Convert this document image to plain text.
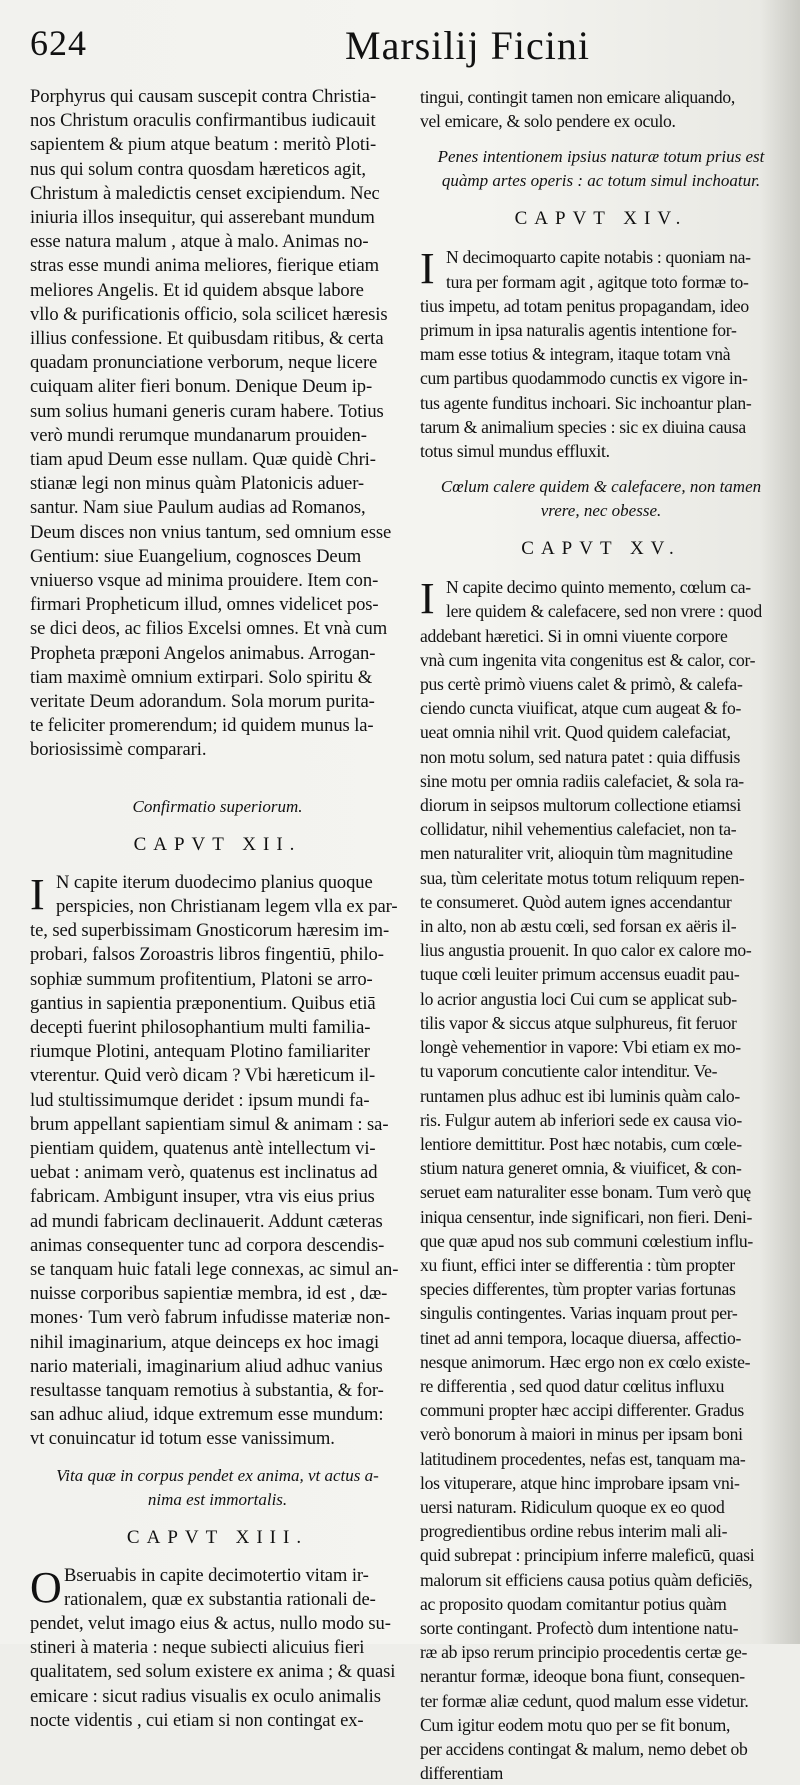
624	Marsilij Ficini

Porphyrus qui causam suscepit contra Christia-

nos Christum oraculis confirmantibus iudicauit

sapientem & pium atque beatum : meritò Ploti-

nus qui solum contra quosdam hæreticos agit,

Christum à maledictis censet excipiendum. Nec

iniuria illos insequitur, qui asserebant mundum

esse natura malum , atque à malo. Animas no-

stras esse mundi anima meliores, fierique etiam

meliores Angelis. Et id quidem absque labore

vllo & purificationis officio, sola scilicet hæresis

illius confessione. Et quibusdam ritibus, & certa

quadam pronunciatione verborum, neque licere

cuiquam aliter fieri bonum. Denique Deum ip-

sum solius humani generis curam habere. Totius

verò mundi rerumque mundanarum prouiden-

tiam apud Deum esse nullam. Quæ quidè Chri-

stianæ legi non minus quàm Platonicis aduer-

santur. Nam siue Paulum audias ad Romanos,

Deum disces non vnius tantum, sed omnium esse

Gentium: siue Euangelium, cognosces Deum

vniuerso vsque ad minima prouidere. Item con-

firmari Propheticum illud, omnes videlicet pos-

se dici deos, ac filios Excelsi omnes. Et vnà cum

Propheta præponi Angelos animabus. Arrogan-

tiam maximè omnium extirpari. Solo spiritu &

veritate Deum adorandum. Sola morum purita-

te feliciter promerendum; id quidem munus la-

boriosissimè comparari.

Confirmatio superiorum.

CAPVT XII.

I N capite iterum duodecimo planius quoque

perspicies, non Christianam legem vlla ex par-

te, sed superbissimam Gnosticorum hæresim im-

probari, falsos Zoroastris libros fingentiū, philo-

sophiæ summum profitentium, Platoni se arro-

gantius in sapientia præponentium. Quibus etiā

decepti fuerint philosophantium multi familia-

riumque Plotini, antequam Plotino familiariter

vterentur. Quid verò dicam ? Vbi hæreticum il-

lud stultissimumque deridet : ipsum mundi fa-

brum appellant sapientiam simul & animam : sa-

pientiam quidem, quatenus antè intellectum vi-

uebat : animam verò, quatenus est inclinatus ad

fabricam. Ambigunt insuper, vtra vis eius prius

ad mundi fabricam declinauerit. Addunt cæteras

animas consequenter tunc ad corpora descendis-

se tanquam huic fatali lege connexas, ac simul an-

nuisse corporibus sapientiæ membra, id est , dæ-

mones· Tum verò fabrum infudisse materiæ non-

nihil imaginarium, atque deinceps ex hoc imagi

nario materiali, imaginarium aliud adhuc vanius

resultasse tanquam remotius à substantia, & for-

san adhuc aliud, idque extremum esse mundum:

vt conuincatur id totum esse vanissimum.

Vita quæ in corpus pendet ex anima, vt actus a-

nima est immortalis.

CAPVT XIII.

O Bseruabis in capite decimotertio vitam ir-

rationalem, quæ ex substantia rationali de-

pendet, velut imago eius & actus, nullo modo su-

stineri à materia : neque subiecti alicuius fieri

qualitatem, sed solum existere ex anima ; & quasi

emicare : sicut radius visualis ex oculo animalis

nocte videntis , cui etiam si non contingat ex-

tingui, contingit tamen non emicare aliquando,

vel emicare, & solo pendere ex oculo.

Penes intentionem ipsius naturæ totum prius est

quàmp artes operis : ac totum simul inchoatur.

CAPVT XIV.

I N decimoquarto capite notabis : quoniam na-

tura per formam agit , agitque toto formæ to-

tius impetu, ad totam penitus propagandam, ideo

primum in ipsa naturalis agentis intentione for-

mam esse totius & integram, itaque totam vnà

cum partibus quodammodo cunctis ex vigore in-

tus agente funditus inchoari. Sic inchoantur plan-

tarum & animalium species : sic ex diuina causa

totus simul mundus effluxit.

Cœlum calere quidem & calefacere, non tamen

vrere, nec obesse.

CAPVT XV.

I N capite decimo quinto memento, cœlum ca-

lere quidem & calefacere, sed non vrere : quod

addebant hæretici. Si in omni viuente corpore

vnà cum ingenita vita congenitus est & calor, cor-

pus certè primò viuens calet & primò, & calefa-

ciendo cuncta viuificat, atque cum augeat & fo-

ueat omnia nihil vrit. Quod quidem calefaciat,

non motu solum, sed natura patet : quia diffusis

sine motu per omnia radiis calefaciet, & sola ra-

diorum in seipsos multorum collectione etiamsi

collidatur, nihil vehementius calefaciet, non ta-

men naturaliter vrit, alioquin tùm magnitudine

sua, tùm celeritate motus totum reliquum repen-

te consumeret. Quòd autem ignes accendantur

in alto, non ab æstu cœli, sed forsan ex aëris il-

lius angustia prouenit. In quo calor ex calore mo-

tuque cœli leuiter primum accensus euadit pau-

lo acrior angustia loci Cui cum se applicat sub-

tilis vapor & siccus atque sulphureus, fit feruor

longè vehementior in vapore: Vbi etiam ex mo-

tu vaporum concutiente calor intenditur. Ve-

runtamen plus adhuc est ibi luminis quàm calo-

ris. Fulgur autem ab inferiori sede ex causa vio-

lentiore demittitur. Post hæc notabis, cum cœle-

stium natura generet omnia, & viuificet, & con-

seruet eam naturaliter esse bonam. Tum verò quę

iniqua censentur, inde significari, non fieri. Deni-

que quæ apud nos sub communi cœlestium influ-

xu fiunt, effici inter se differentia : tùm propter

species differentes, tùm propter varias fortunas

singulis contingentes. Varias inquam prout per-

tinet ad anni tempora, locaque diuersa, affectio-

nesque animorum. Hæc ergo non ex cœlo existe-

re differentia , sed quod datur cœlitus influxu

communi propter hæc accipi differenter. Gradus

verò bonorum à maiori in minus per ipsam boni

latitudinem procedentes, nefas est, tanquam ma-

los vituperare, atque hinc improbare ipsam vni-

uersi naturam. Ridiculum quoque ex eo quod

progredientibus ordine rebus interim mali ali-

quid subrepat : principium inferre maleficū, quasi

malorum sit efficiens causa potius quàm deficiēs,

ac proposito quodam comitantur potius quàm

sorte contingant. Profectò dum intentione natu-

ræ ab ipso rerum principio procedentis certæ ge-

nerantur formæ, ideoque bona fiunt, consequen-

ter formæ aliæ cedunt, quod malum esse videtur.

Cum igitur eodem motu quo per se fit bonum,

per accidens contingat & malum, nemo debet ob

differentiam
